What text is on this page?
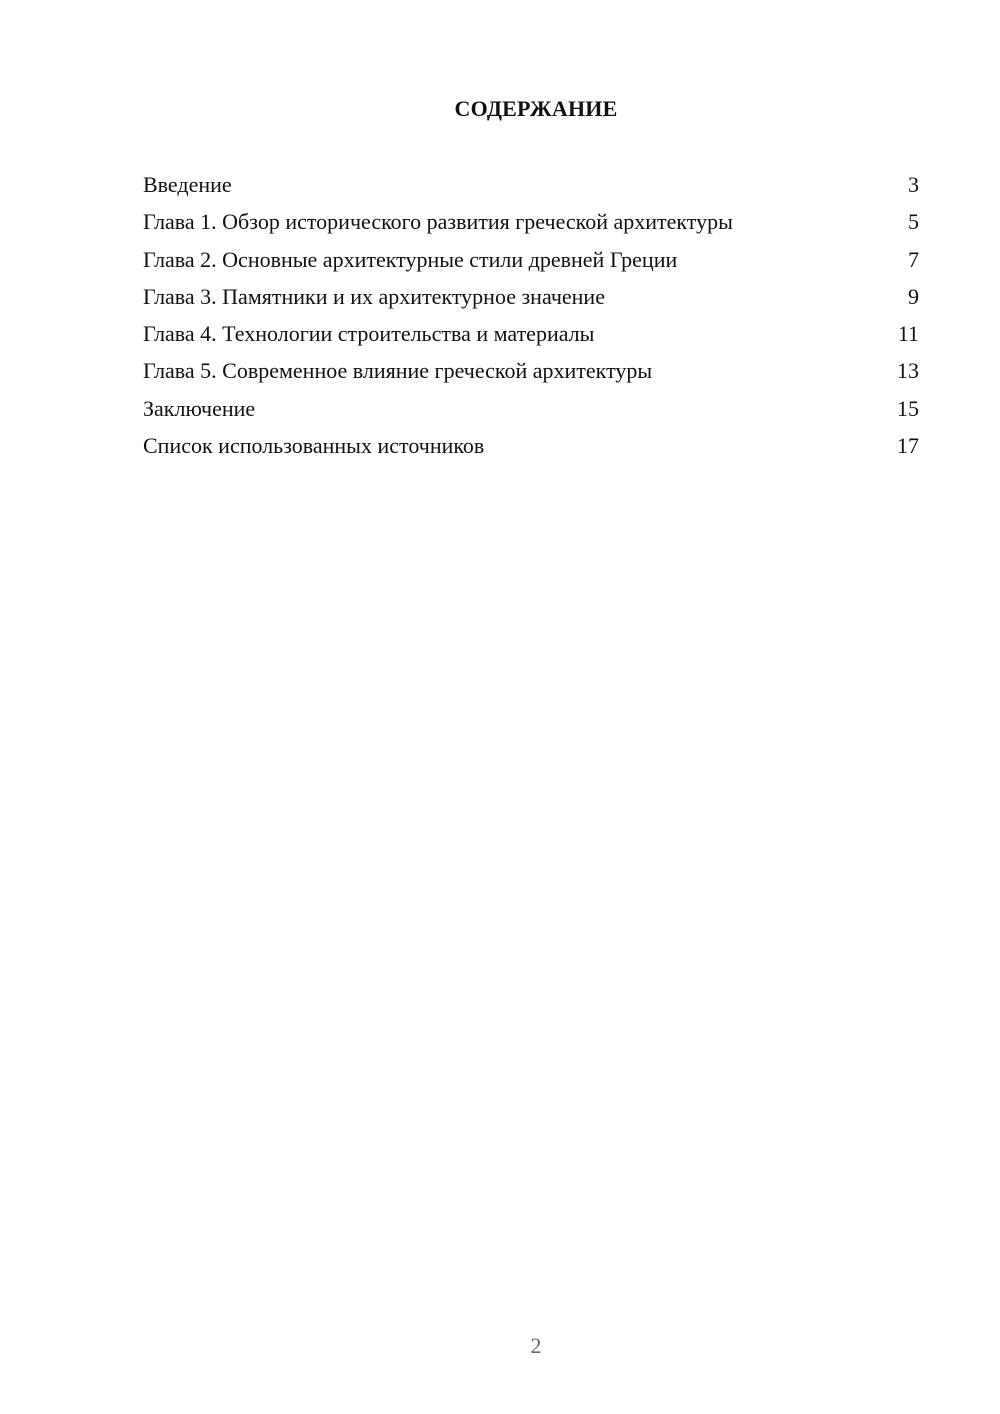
СОДЕРЖАНИЕ
Введение	3
Глава 1. Обзор исторического развития греческой архитектуры	5
Глава 2. Основные архитектурные стили древней Греции	7
Глава 3. Памятники и их архитектурное значение	9
Глава 4. Технологии строительства и материалы	11
Глава 5. Современное влияние греческой архитектуры	13
Заключение	15
Список использованных источников	17
2
